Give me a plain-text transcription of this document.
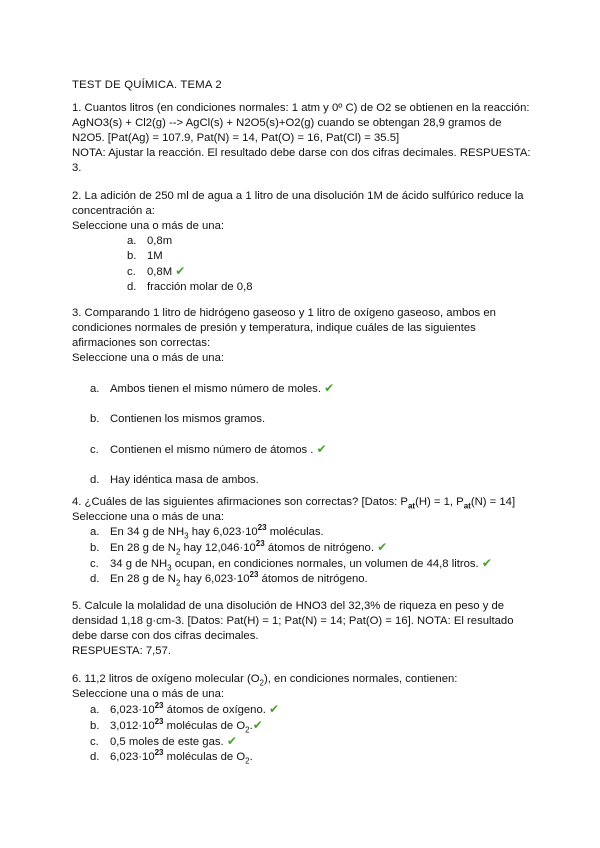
TEST DE QUÍMICA. TEMA 2

1. Cuantos litros (en condiciones normales: 1 atm y 0º C) de O2 se obtienen en la reacción:

AgNO3(s) + Cl2(g) --> AgCl(s) + N2O5(s)+O2(g) cuando se obtengan 28,9 gramos de

N2O5. [Pat(Ag) = 107.9, Pat(N) = 14, Pat(O) = 16, Pat(Cl) = 35.5]

NOTA: Ajustar la reacción. El resultado debe darse con dos cifras decimales. RESPUESTA:

3.

2. La adición de 250 ml de agua a 1 litro de una disolución 1M de ácido sulfúrico reduce la

concentración a:

Seleccione una o más de una:

a. 0,8m
b. 1M
c. 0,8M ✔
d. fracción molar de 0,8

3. Comparando 1 litro de hidrógeno gaseoso y 1 litro de oxígeno gaseoso, ambos en

condiciones normales de presión y temperatura, indique cuáles de las siguientes

afirmaciones son correctas:

Seleccione una o más de una:

a. Ambos tienen el mismo número de moles. ✔
b. Contienen los mismos gramos.
c. Contienen el mismo número de átomos . ✔
d. Hay idéntica masa de ambos.

4. ¿Cuáles de las siguientes afirmaciones son correctas? [Datos: $P_{at}(H) = 1$, $P_{at}(N) = 14$]

Seleccione una o más de una:

a. En 34 g de $NH_3$ hay $6,023\cdot 10^{23}$ moléculas.
b. En 28 g de $N_2$ hay $12,046\cdot 10^{23}$ átomos de nitrógeno. ✔
c. 34 g de $NH_3$ ocupan, en condiciones normales, un volumen de 44,8 litros. ✔
d. En 28 g de $N_2$ hay $6,023\cdot 10^{23}$ átomos de nitrógeno.

5. Calcule la molalidad de una disolución de HNO3 del 32,3% de riqueza en peso y de

densidad 1,18 g·cm-3. [Datos: Pat(H) = 1; Pat(N) = 14; Pat(O) = 16]. NOTA: El resultado

debe darse con dos cifras decimales.

RESPUESTA: 7,57.

6. 11,2 litros de oxígeno molecular $(O_2)$, en condiciones normales, contienen:

Seleccione una o más de una:

a. $6,023\cdot 10^{23}$ átomos de oxígeno. ✔
b. $3,012\cdot 10^{23}$ moléculas de $O_2.✔$
c. 0,5 moles de este gas. ✔
d. $6,023\cdot 10^{23}$ moléculas de $O_2$.
